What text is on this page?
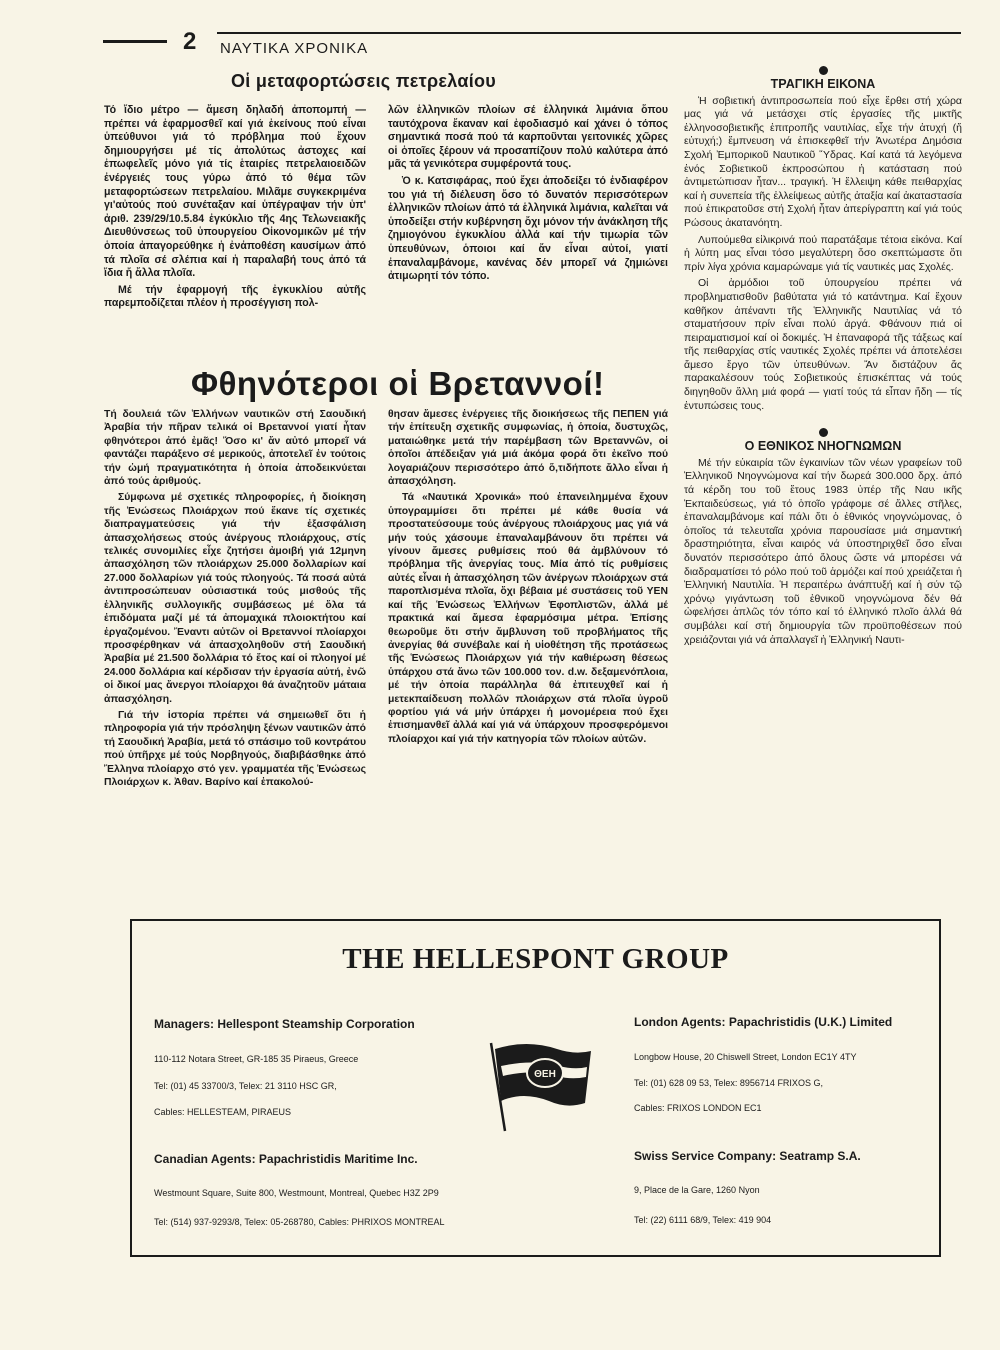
2 ΝΑΥΤΙΚΑ ΧΡΟΝΙΚΑ
Οἱ μεταφορτώσεις πετρελαίου

Τό ἴδιο μέτρο — ἄμεση δηλαδή ἀποπομπή — πρέπει νά ἐφαρμοσθεῖ καί γιά ἐκείνους πού εἶναι ὑπεύθυνοι γιά τό πρόβλημα πού ἔχουν δημιουργήσει μέ τίς ἀπολύτως ἀστοχες καί ἐπωφελεῖς μόνο γιά τίς ἑταιρίες πετρελαιοειδῶν ἐνέργειές τους γύρω ἀπό τό θέμα τῶν μεταφορτώσεων πετρελαίου. Μιλᾶμε συγκεκριμένα γι'αὐτούς πού συνέταξαν καί ὑπέγραψαν τήν ὑπ' ἀριθ. 239/29/10.5.84 ἐγκύκλιο τῆς 4ης Τελωνειακῆς Διευθύνσεως τοῦ ὑπουργείου Οἰκονομικῶν μέ τήν ὁποία ἀπαγορεύθηκε ἡ ἐνἀποθέση καυσίμων ἀπό τά πλοῖα σέ σλέπια καί ἡ παραλαβή τους ἀπό τά ἴδια ἤ ἄλλα πλοῖα.

Μέ τήν ἐφαρμογή τῆς ἐγκυκλίου αὐτῆς παρεμποδίζεται πλέον ἡ προσέγγιση πολ-

λῶν ἑλληνικῶν πλοίων σέ ἑλληνικά λιμάνια ὅπου ταυτόχρονα ἔκαναν καί ἐφοδιασμό καί χάνει ὁ τόπος σημαντικά ποσά πού τά καρποῦνται γειτονικές χῶρες οἱ ὁποῖες ξέρουν νά προσαπίζουν πολύ καλύτερα ἀπό μᾶς τά γενικότερα συμφέροντά τους.

Ὁ κ. Κατσιφάρας, πού ἔχει ἀποδείξει τό ἐνδιαφέρον του γιά τή διέλευση ὅσο τό δυνατόν περισσότερων ἑλληνικῶν πλοίων ἀπό τά ἑλληνικά λιμάνια, καλεῖται νά ὑποδείξει στήν κυβέρνηση ὄχι μόνον τήν ἀνάκληση τῆς ζημιογόνου ἐγκυκλίου ἀλλά καί τήν τιμωρία τῶν ὑπευθύνων, ὁποιοι καί ἄν εἶναι αὐτοί, γιατί ἐπαναλαμβάνομε, κανένας δέν μπορεῖ νά ζημιώνει ἀτιμωρητί τόν τόπο.

Φθηνότεροι οἱ Βρεταννοί!

Τή δουλειά τῶν Ἑλλήνων ναυτικῶν στή Σαουδική Ἀραβία τήν πῆραν τελικά οἱ Βρεταννοί γιατί ἦταν φθηνότεροι ἀπό ἐμᾶς! Ὅσο κι' ἄν αὐτό μπορεῖ νά φαντάζει παράξενο σέ μερικούς, ἀποτελεῖ ἐν τούτοις τήν ὠμή πραγματικότητα ἡ ὁποία ἀποδεικνύεται ἀπό τούς ἀριθμούς.

Σύμφωνα μέ σχετικές πληροφορίες, ἡ διοίκηση τῆς Ἑνώσεως Πλοιάρχων πού ἔκανε τίς σχετικές διαπραγματεύσεις γιά τήν ἐξασφάλιση ἀπασχολήσεως στούς ἀνέργους πλοιάρχους, στίς τελικές συνομιλίες εἶχε ζητήσει ἀμοιβή γιά 12μηνη ἀπασχόληση τῶν πλοιάρχων 25.000 δολλαρίων καί 27.000 δολλαρίων γιά τούς πλοηγούς. Τά ποσά αὐτά ἀντιπροσώπευαν οὐσιαστικά τούς μισθούς τῆς ἑλληνικῆς συλλογικῆς συμβάσεως μέ ὅλα τά ἐπιδόματα μαζί μέ τά ἀπομαχικά πλοιοκτήτου καί ἐργαζομένου. Ἔναντι αὐτῶν οἱ Βρεταννοί πλοίαρχοι προσφέρθηκαν νά ἀπασχοληθοῦν στή Σαουδική Ἀραβία μέ 21.500 δολλάρια τό ἔτος καί οἱ πλοηγοί μέ 24.000 δολλάρια καί κέρδισαν τήν ἐργασία αὐτή, ἐνῶ οἱ δικοί μας ἄνεργοι πλοίαρχοι θά ἀναζητοῦν μάταια ἀπασχόληση.

Γιά τήν ἱστορία πρέπει νά σημειωθεῖ ὅτι ἡ πληροφορία γιά τήν πρόσληψη ξένων ναυτικῶν ἀπό τή Σαουδική Ἀραβία, μετά τό σπάσιμο τοῦ κοντράτου πού ὑπῆρχε μέ τούς Νορβηγούς, διαβιβάσθηκε ἀπό Ἕλληνα πλοίαρχο στό γεν. γραμματέα τῆς Ἑνώσεως Πλοιάρχων κ. Ἀθαν. Βαρίνο καί ἐπακολού-

θησαν ἄμεσες ἐνέργειες τῆς διοικήσεως τῆς ΠΕΠΕΝ γιά τήν ἐπίτευξη σχετικῆς συμφωνίας, ἡ ὁποία, δυστυχῶς, ματαιώθηκε μετά τήν παρέμβαση τῶν Βρεταννῶν, οἱ ὁποῖοι ἀπέδειξαν γιά μιά ἀκόμα φορά ὅτι ἐκεῖνο πού λογαριάζουν περισσότερο ἀπό ὅ,τιδήποτε ἄλλο εἶναι ἡ ἀπασχόληση.

Τά «Ναυτικά Χρονικά» πού ἐπανειλημμένα ἔχουν ὑπογραμμίσει ὅτι πρέπει μέ κάθε θυσία νά προστατεύσουμε τούς ἀνέργους πλοιάρχους μας γιά νά μήν τούς χάσουμε ἐπαναλαμβάνουν ὅτι πρέπει νά γίνουν ἄμεσες ρυθμίσεις πού θά ἀμβλύνουν τό πρόβλημα τῆς ἀνεργίας τους. Μία ἀπό τίς ρυθμίσεις αὐτές εἶναι ἡ ἀπασχόληση τῶν ἀνέργων πλοιάρχων στά παροπλισμένα πλοῖα, ὄχι βέβαια μέ συστάσεις τοῦ ΥΕΝ καί τῆς Ἑνώσεως Ἑλλήνων Ἐφοπλιστῶν, ἀλλά μέ πρακτικά καί ἄμεσα ἐφαρμόσιμα μέτρα. Ἐπίσης θεωροῦμε ὅτι στήν ἄμβλυνση τοῦ προβλήματος τῆς ἀνεργίας θά συνέβαλε καί ἡ υἱοθέτηση τῆς προτάσεως τῆς Ἑνώσεως Πλοιάρχων γιά τήν καθιέρωση θέσεως ὑπάρχου στά ἄνω τῶν 100.000 τον. d.w. δεξαμενόπλοια, μέ τήν ὁποία παράλληλα θά ἐπιτευχθεῖ καί ἡ μετεκπαίδευση πολλῶν πλοιάρχων στά πλοῖα ὑγροῦ φορτίου γιά νά μήν ὑπάρχει ἡ μονομέρεια πού ἔχει ἐπισημανθεῖ ἀλλά καί γιά νά ὑπάρχουν προσφερόμενοι πλοίαρχοι καί γιά τήν κατηγορία τῶν πλοίων αὐτῶν.

ΤΡΑΓΙΚΗ ΕΙΚΟΝΑ

Ἡ σοβιετική ἀντιπροσωπεία πού εἶχε ἔρθει στή χώρα μας γιά νά μετάσχει στίς ἐργασίες τῆς μικτῆς ἑλληνοσοβιετικῆς ἐπιτροπῆς ναυτιλίας, εἶχε τήν ἀτυχή (ἤ εὐτυχή;) ἔμπνευση νά ἐπισκεφθεῖ τήν Ἀνωτέρα Δημόσια Σχολή Ἐμπορικοῦ Ναυτικοῦ Ὕδρας. Καί κατά τά λεγόμενα ἑνός Σοβιετικοῦ ἐκπροσώπου ἡ κατάσταση πού ἀντιμετώπισαν ἦταν... τραγική. Ἡ ἔλλειψη κάθε πειθαρχίας καί ἡ συνεπεία τῆς ἐλλείψεως αὐτῆς ἀταξία καί ἀκαταστασία πού ἐπικρατοῦσε στή Σχολή ἦταν ἀπερίγραπτη καί γιά τούς Ρώσους ἀκατανόητη.

Λυπούμεθα εἰλικρινά πού παρατάξαμε τέτοια εἰκόνα. Καί ἡ λύπη μας εἶναι τόσο μεγαλύτερη ὅσο σκεπτώμαστε ὅτι πρίν λίγα χρόνια καμαρώναμε γιά τίς ναυτικές μας Σχολές.

Οἱ ἁρμόδιοι τοῦ ὑπουργείου πρέπει νά προβληματισθοῦν βαθύτατα γιά τό κατάντημα. Καί ἔχουν καθῆκον ἀπέναντι τῆς Ἑλληνικῆς Ναυτιλίας νά τό σταματήσουν πρίν εἶναι πολύ ἀργά. Φθάνουν πιά οἱ πειραματισμοί καί οἱ δοκιμές. Ἡ ἐπαναφορά τῆς τάξεως καί τῆς πειθαρχίας στίς ναυτικές Σχολές πρέπει νά ἀποτελέσει ἄμεσο ἔργο τῶν ὑπευθύνων. Ἄν διστάζουν ἄς παρακαλέσουν τούς Σοβιετικούς ἐπισκέπτας νά τούς διηγηθοῦν ἄλλη μιά φορά — γιατί τούς τά εἶπαν ἤδη — τίς ἐντυπώσεις τους.

Ο ΕΘΝΙΚΟΣ ΝΗΟΓΝΩΜΩΝ

Μέ τήν εὐκαιρία τῶν ἐγκαινίων τῶν νέων γραφείων τοῦ Ἑλληνικοῦ Νηογνώμονα καί τήν δωρεά 300.000 δρχ. ἀπό τά κέρδη του τοῦ ἔτους 1983 ὑπέρ τῆς Ναυ ικῆς Ἐκπαιδεύσεως, γιά τό ὁποῖο γράφομε σέ ἄλλες στῆλες, ἐπαναλαμβάνομε καί πάλι ὅτι ὁ ἐθνικός νηογνώμονας, ὁ ὁποῖος τά τελευταῖα χρόνια παρουσίασε μιά σημαντική δραστηριότητα, εἶναι καιρός νά ὑποστηριχθεῖ ὅσο εἶναι δυνατόν περισσότερο ἀπό ὅλους ὥστε νά μπορέσει νά διαδραματίσει τό ρόλο πού τοῦ ἁρμόζει καί πού χρειάζεται ἡ Ἑλληνική Ναυτιλία. Ἡ περαιτέρω ἀνάπτυξή καί ἡ σύν τῷ χρόνῳ γιγάντωση τοῦ ἐθνικοῦ νηογνώμονα δέν θά ὠφελήσει ἁπλῶς τόν τόπο καί τό ἑλληνικό πλοῖο ἀλλά θά συμβάλει καί στή δημιουργία τῶν προϋποθέσεων πού χρειάζονται γιά νά ἀπαλλαγεῖ ἡ Ἑλληνική Ναυτι-

THE HELLESPONT GROUP
Managers: Hellespont Steamship Corporation
110-112 Notara Street, GR-185 35 Piraeus, Greece
Tel: (01) 45 33700/3, Telex: 21 3110 HSC GR,
Cables: HELLESTEAM, PIRAEUS
Canadian Agents: Papachristidis Maritime Inc.
Westmount Square, Suite 800, Westmount, Montreal, Quebec H3Z 2P9
Tel: (514) 937-9293/8, Telex: 05-268780, Cables: PHRIXOS MONTREAL
London Agents: Papachristidis (U.K.) Limited
Longbow House, 20 Chiswell Street, London EC1Y 4TY
Tel: (01) 628 09 53, Telex: 8956714 FRIXOS G,
Cables: FRIXOS LONDON EC1
Swiss Service Company: Seatramp S.A.
9, Place de la Gare, 1260 Nyon
Tel: (22) 6111 68/9, Telex: 419 904
ΘΕΗ
